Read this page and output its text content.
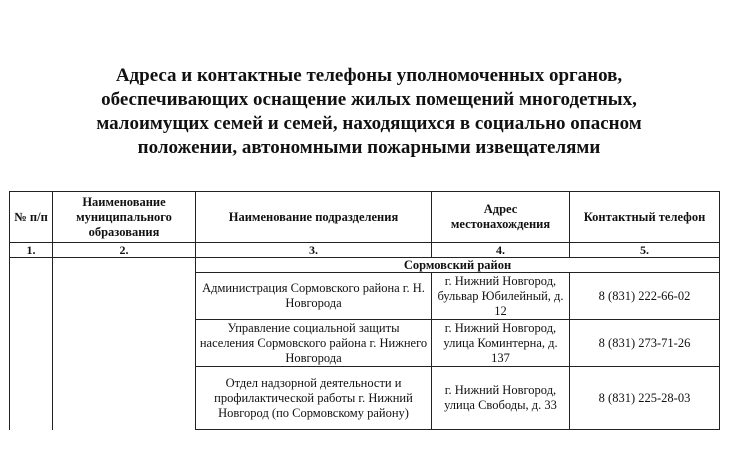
Адреса и контактные телефоны уполномоченных органов,
обеспечивающих оснащение жилых помещений многодетных,
малоимущих семей и семей, находящихся в социально опасном
положении, автономными пожарными извещателями
№ п/п	Наименование муниципального образования	Наименование подразделения	Адрес местонахождения	Контактный телефон
1.	2.	3.	4.	5.
		Сормовский район		
		Администрация Сормовского района г. Н. Новгорода	г. Нижний Новгород, бульвар Юбилейный, д. 12	8 (831) 222-66-02
		Управление социальной защиты населения Сормовского района г. Нижнего Новгорода	г. Нижний Новгород, улица Коминтерна, д. 137	8 (831) 273-71-26
		Отдел надзорной деятельности и профилактической работы г. Нижний Новгород (по Сормовскому району)	г. Нижний Новгород, улица Свободы, д. 33	8 (831) 225-28-03
